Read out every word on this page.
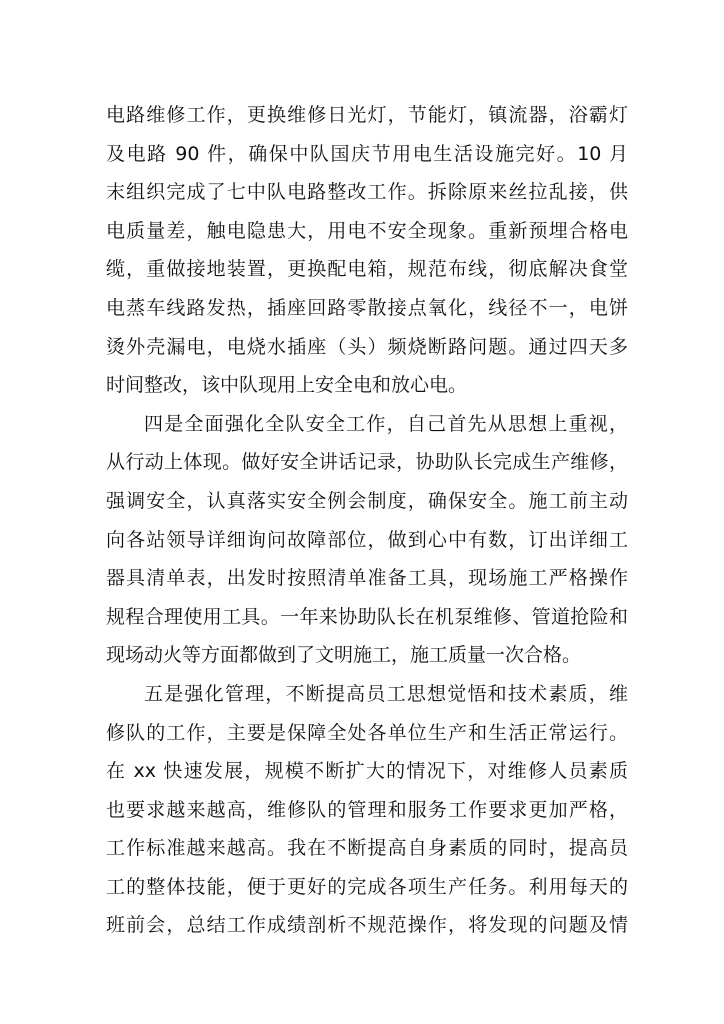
电路维修工作，更换维修日光灯，节能灯，镇流器，浴霸灯
及电路 90 件，确保中队国庆节用电生活设施完好。10 月
末组织完成了七中队电路整改工作。拆除原来丝拉乱接，供
电质量差，触电隐患大，用电不安全现象。重新预埋合格电
缆，重做接地装置，更换配电箱，规范布线，彻底解决食堂
电蒸车线路发热，插座回路零散接点氧化，线径不一，电饼
烫外壳漏电，电烧水插座（头）频烧断路问题。通过四天多
时间整改，该中队现用上安全电和放心电。
四是全面强化全队安全工作，自己首先从思想上重视，
从行动上体现。做好安全讲话记录，协助队长完成生产维修，
强调安全，认真落实安全例会制度，确保安全。施工前主动
向各站领导详细询问故障部位，做到心中有数，订出详细工
器具清单表，出发时按照清单准备工具，现场施工严格操作
规程合理使用工具。一年来协助队长在机泵维修、管道抢险和
现场动火等方面都做到了文明施工，施工质量一次合格。
五是强化管理，不断提高员工思想觉悟和技术素质，维
修队的工作，主要是保障全处各单位生产和生活正常运行。
在 xx 快速发展，规模不断扩大的情况下，对维修人员素质
也要求越来越高，维修队的管理和服务工作要求更加严格，
工作标准越来越高。我在不断提高自身素质的同时，提高员
工的整体技能，便于更好的完成各项生产任务。利用每天的
班前会，总结工作成绩剖析不规范操作，将发现的问题及情
